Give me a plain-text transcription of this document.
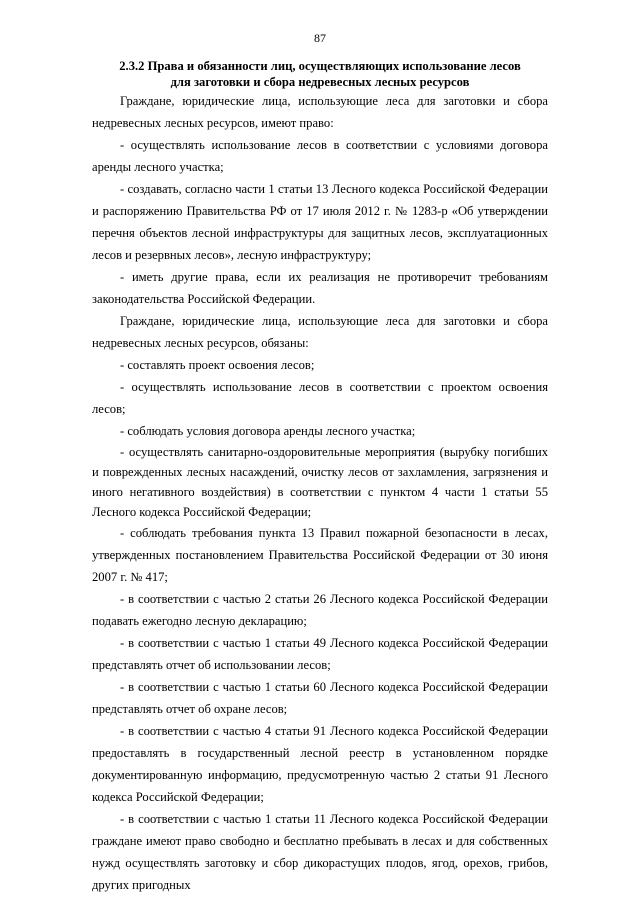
87
2.3.2 Права и обязанности лиц, осуществляющих использование лесов
для заготовки и сбора недревесных лесных ресурсов

Граждане, юридические лица, использующие леса для заготовки и сбора недревесных лесных ресурсов, имеют право:

- осуществлять использование лесов в соответствии с условиями договора аренды лесного участка;

- создавать, согласно части 1 статьи 13 Лесного кодекса Российской Федерации и распоряжению Правительства РФ от 17 июля 2012 г. № 1283-р «Об утверждении перечня объектов лесной инфраструктуры для защитных лесов, эксплуатационных лесов и резервных лесов», лесную инфраструктуру;

- иметь другие права, если их реализация не противоречит требованиям законодательства Российской Федерации.

Граждане, юридические лица, использующие леса для заготовки и сбора недревесных лесных ресурсов, обязаны:

- составлять проект освоения лесов;

- осуществлять использование лесов в соответствии с проектом освоения лесов;

- соблюдать условия договора аренды лесного участка;

- осуществлять санитарно-оздоровительные мероприятия (вырубку погибших и поврежденных лесных насаждений, очистку лесов от захламления, загрязнения и иного негативного воздействия) в соответствии с пунктом 4 части 1 статьи 55 Лесного кодекса Российской Федерации;

- соблюдать требования пункта 13 Правил пожарной безопасности в лесах, утвержденных постановлением Правительства Российской Федерации от 30 июня 2007 г. № 417;

- в соответствии с частью 2 статьи 26 Лесного кодекса Российской Федерации подавать ежегодно лесную декларацию;

- в соответствии с частью 1 статьи 49 Лесного кодекса Российской Федерации представлять отчет об использовании лесов;

- в соответствии с частью 1 статьи 60 Лесного кодекса Российской Федерации представлять отчет об охране лесов;

- в соответствии с частью 4 статьи 91 Лесного кодекса Российской Федерации предоставлять в государственный лесной реестр в установленном порядке документированную информацию, предусмотренную частью 2 статьи 91 Лесного кодекса Российской Федерации;

- в соответствии с частью 1 статьи 11 Лесного кодекса Российской Федерации граждане имеют право свободно и бесплатно пребывать в лесах и для собственных нужд осуществлять заготовку и сбор дикорастущих плодов, ягод, орехов, грибов, других пригодных
